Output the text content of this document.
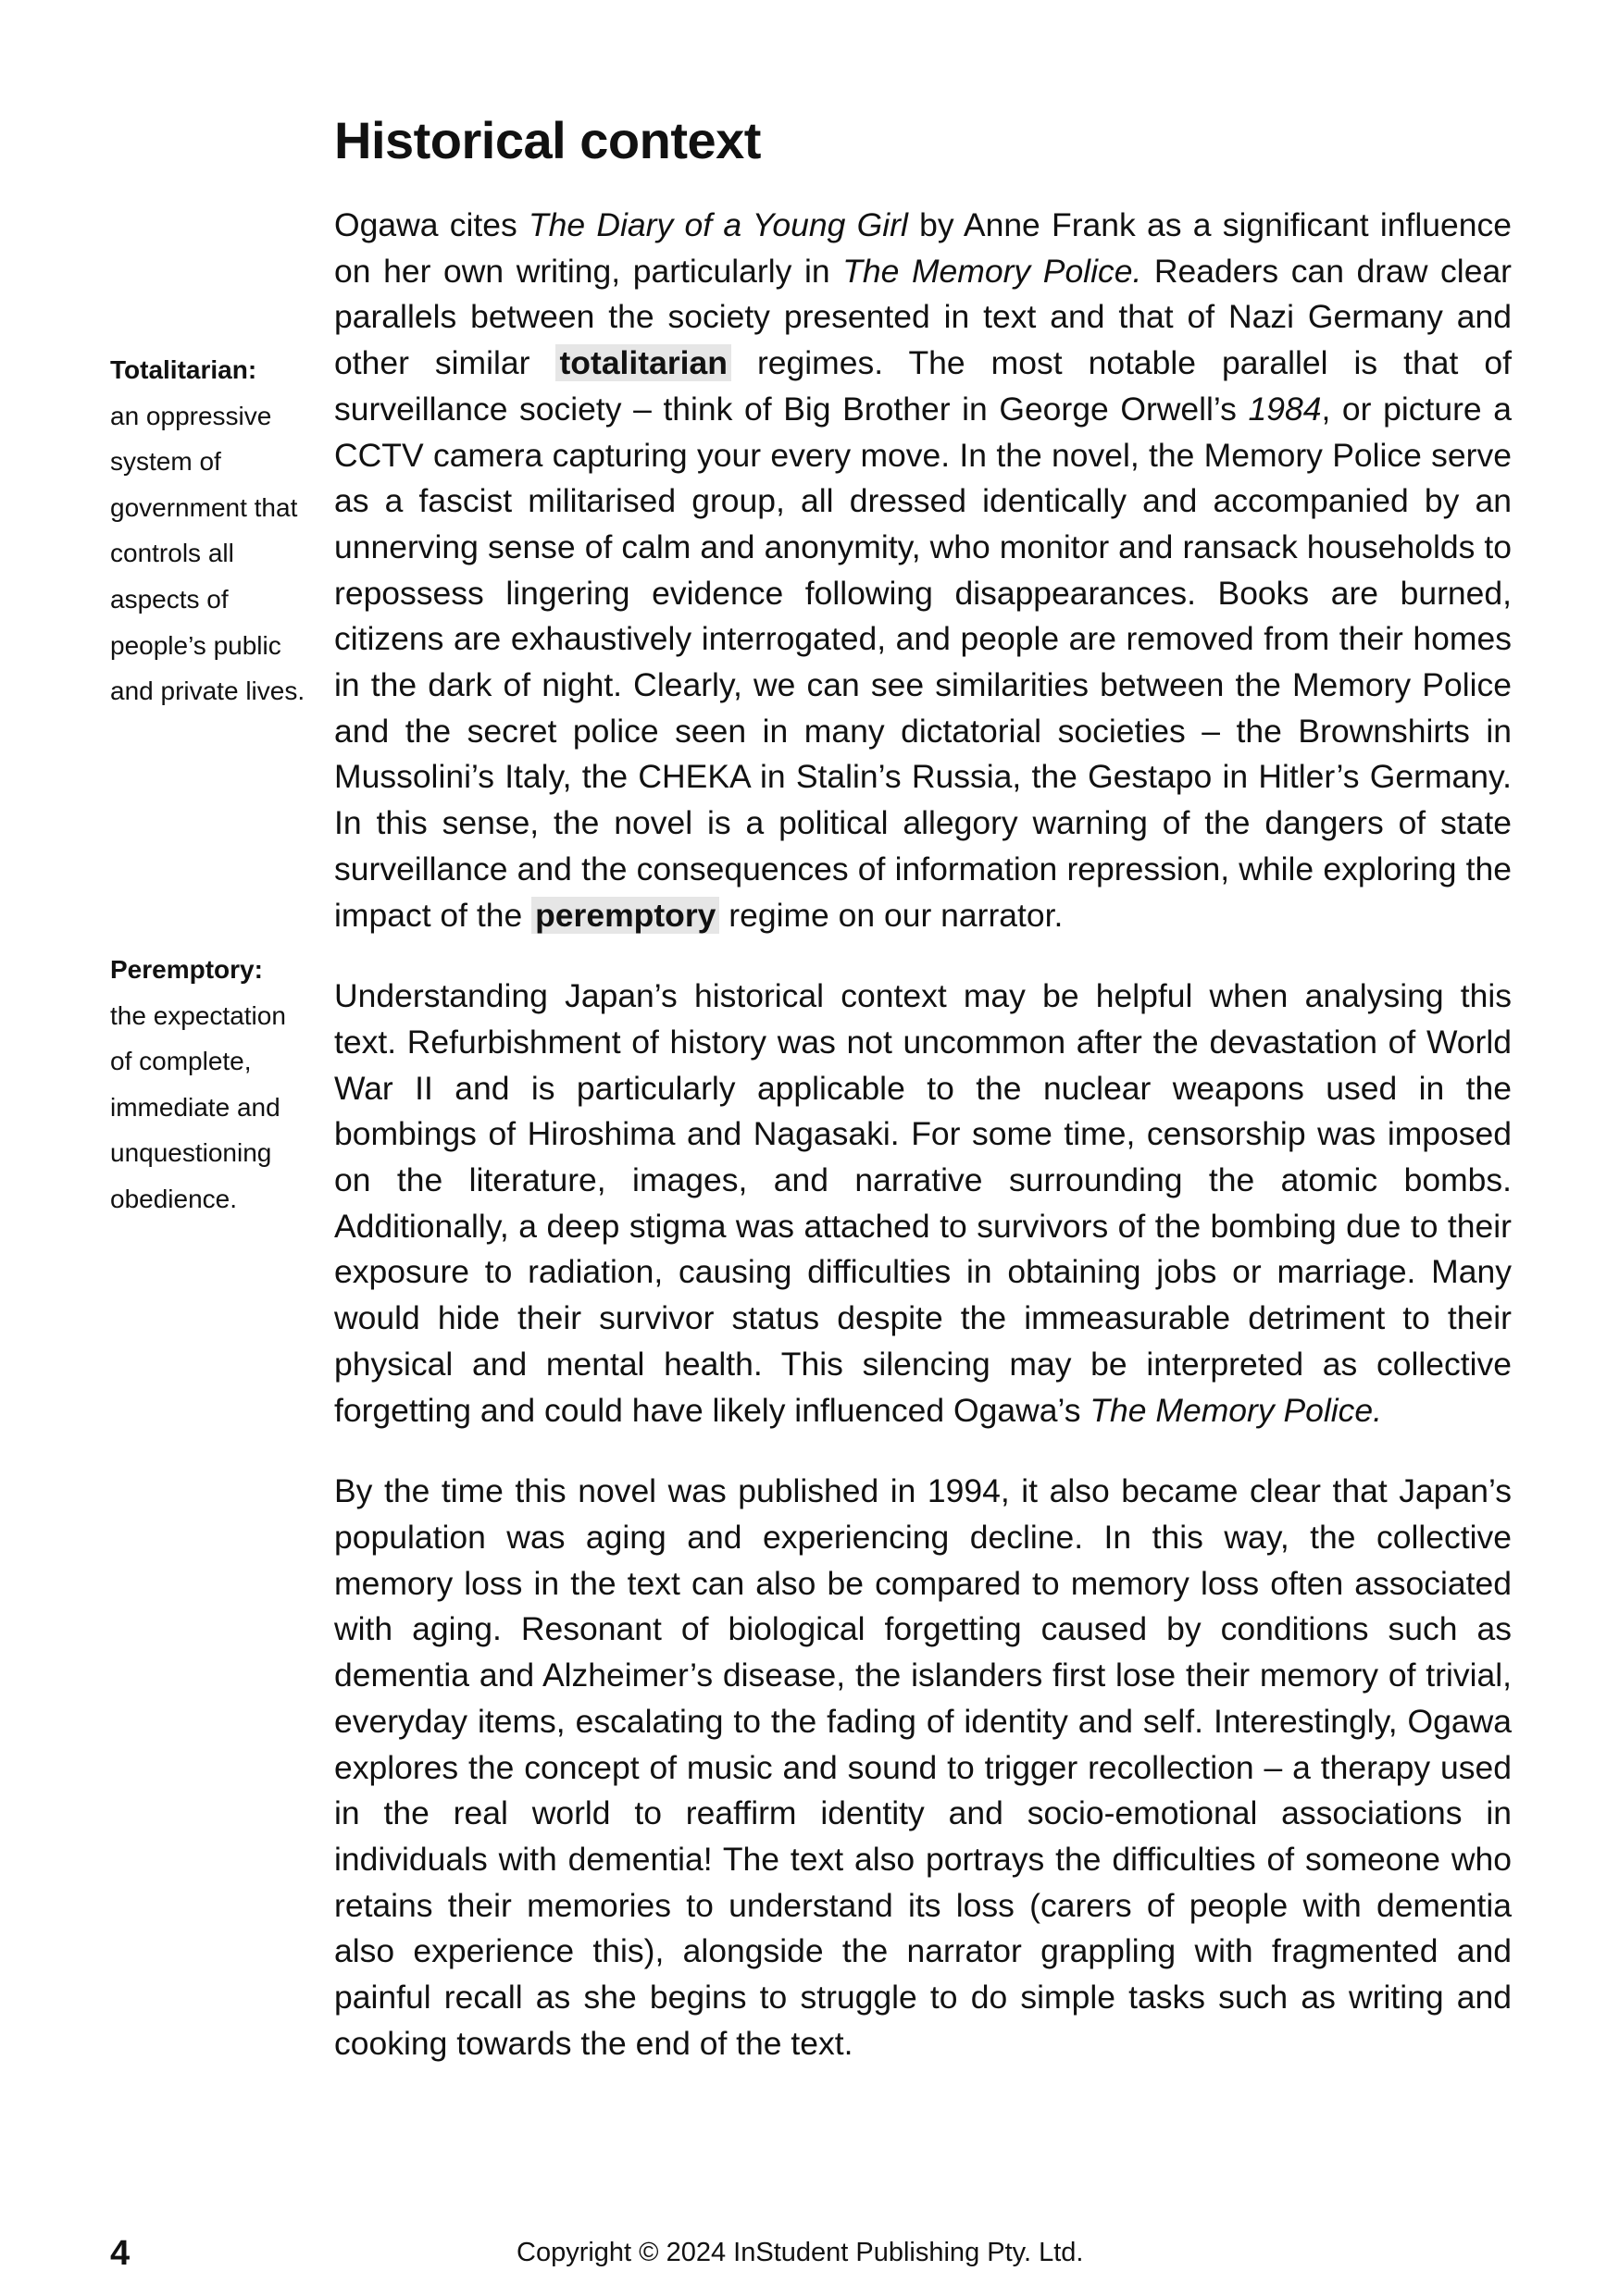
Historical context

Ogawa cites The Diary of a Young Girl by Anne Frank as a significant influence on her own writing, particularly in The Memory Police. Readers can draw clear parallels between the society presented in text and that of Nazi Germany and other similar totalitarian regimes. The most notable parallel is that of surveillance society – think of Big Brother in George Orwell’s 1984, or picture a CCTV camera capturing your every move. In the novel, the Memory Police serve as a fascist militarised group, all dressed identically and accompanied by an unnerving sense of calm and anonymity, who monitor and ransack households to repossess lingering evidence following disappearances. Books are burned, citizens are exhaustively interrogated, and people are removed from their homes in the dark of night. Clearly, we can see similarities between the Memory Police and the secret police seen in many dictatorial societies – the Brownshirts in Mussolini’s Italy, the CHEKA in Stalin’s Russia, the Gestapo in Hitler’s Germany. In this sense, the novel is a political allegory warning of the dangers of state surveillance and the consequences of information repression, while exploring the impact of the peremptory regime on our narrator.

Understanding Japan’s historical context may be helpful when analysing this text. Refurbishment of history was not uncommon after the devastation of World War II and is particularly applicable to the nuclear weapons used in the bombings of Hiroshima and Nagasaki. For some time, censorship was imposed on the literature, images, and narrative surrounding the atomic bombs. Additionally, a deep stigma was attached to survivors of the bombing due to their exposure to radiation, causing difficulties in obtaining jobs or marriage. Many would hide their survivor status despite the immeasurable detriment to their physical and mental health. This silencing may be interpreted as collective forgetting and could have likely influenced Ogawa’s The Memory Police.

By the time this novel was published in 1994, it also became clear that Japan’s population was aging and experiencing decline. In this way, the collective memory loss in the text can also be compared to memory loss often associated with aging. Resonant of biological forgetting caused by conditions such as dementia and Alzheimer’s disease, the islanders first lose their memory of trivial, everyday items, escalating to the fading of identity and self. Interestingly, Ogawa explores the concept of music and sound to trigger recollection – a therapy used in the real world to reaffirm identity and socio-emotional associations in individuals with dementia! The text also portrays the difficulties of someone who retains their memories to understand its loss (carers of people with dementia also experience this), alongside the narrator grappling with fragmented and painful recall as she begins to struggle to do simple tasks such as writing and cooking towards the end of the text.

Totalitarian:
an oppressive system of government that controls all aspects of people’s public and private lives.
Peremptory:
the expectation of complete, immediate and unquestioning obedience.
4	Copyright © 2024 InStudent Publishing Pty. Ltd.
